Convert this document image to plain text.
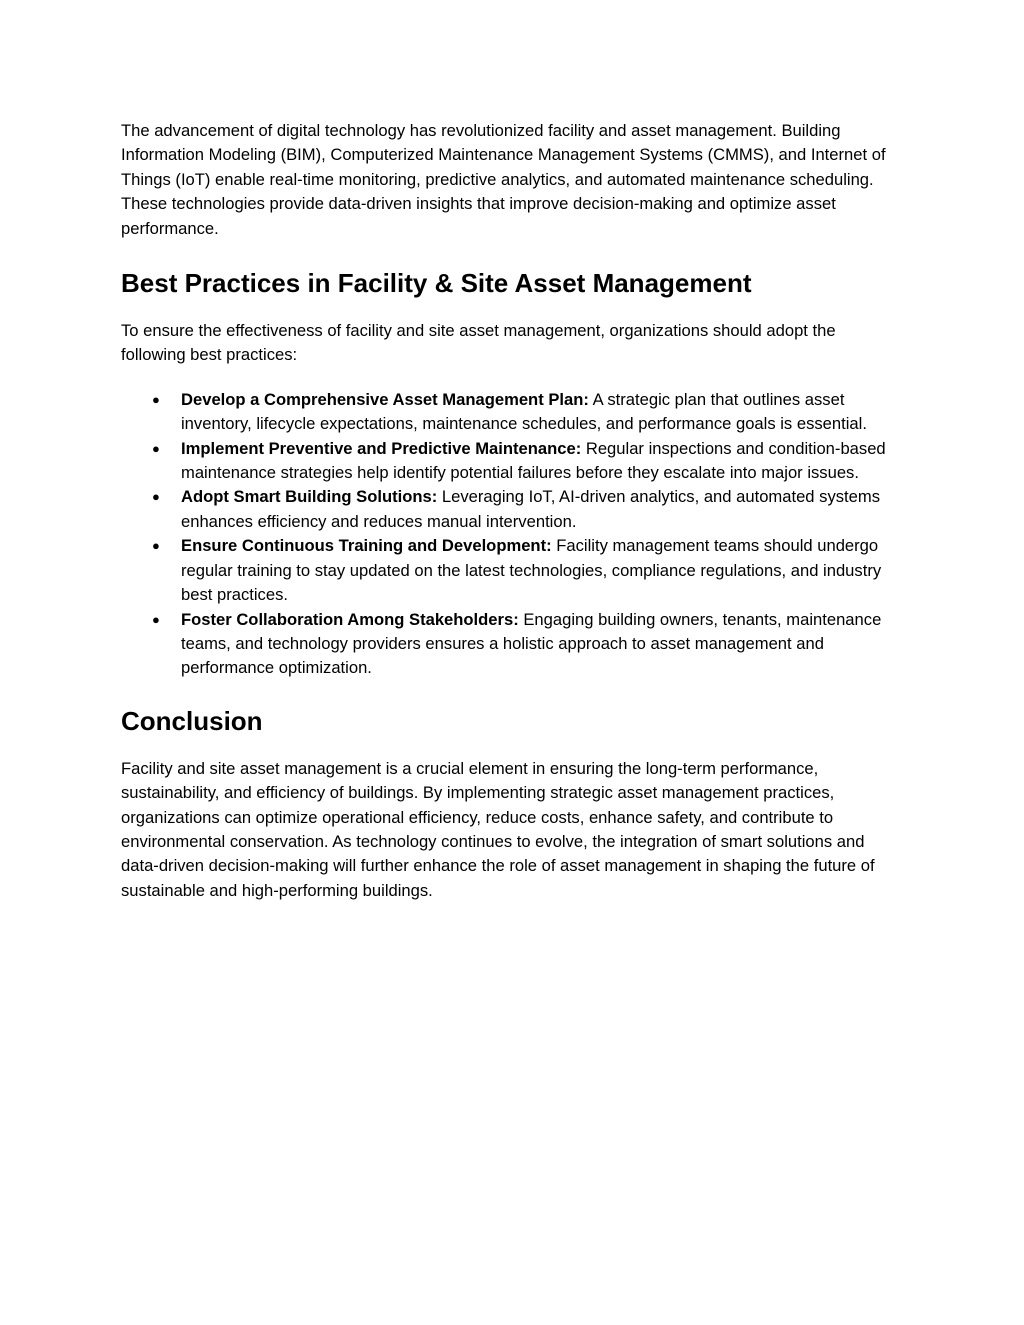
The advancement of digital technology has revolutionized facility and asset management. Building Information Modeling (BIM), Computerized Maintenance Management Systems (CMMS), and Internet of Things (IoT) enable real-time monitoring, predictive analytics, and automated maintenance scheduling. These technologies provide data-driven insights that improve decision-making and optimize asset performance.

Best Practices in Facility & Site Asset Management

To ensure the effectiveness of facility and site asset management, organizations should adopt the following best practices:

● Develop a Comprehensive Asset Management Plan: A strategic plan that outlines asset inventory, lifecycle expectations, maintenance schedules, and performance goals is essential.
● Implement Preventive and Predictive Maintenance: Regular inspections and condition-based maintenance strategies help identify potential failures before they escalate into major issues.
● Adopt Smart Building Solutions: Leveraging IoT, AI-driven analytics, and automated systems enhances efficiency and reduces manual intervention.
● Ensure Continuous Training and Development: Facility management teams should undergo regular training to stay updated on the latest technologies, compliance regulations, and industry best practices.
● Foster Collaboration Among Stakeholders: Engaging building owners, tenants, maintenance teams, and technology providers ensures a holistic approach to asset management and performance optimization.
Conclusion

Facility and site asset management is a crucial element in ensuring the long-term performance, sustainability, and efficiency of buildings. By implementing strategic asset management practices, organizations can optimize operational efficiency, reduce costs, enhance safety, and contribute to environmental conservation. As technology continues to evolve, the integration of smart solutions and data-driven decision-making will further enhance the role of asset management in shaping the future of sustainable and high-performing buildings.
